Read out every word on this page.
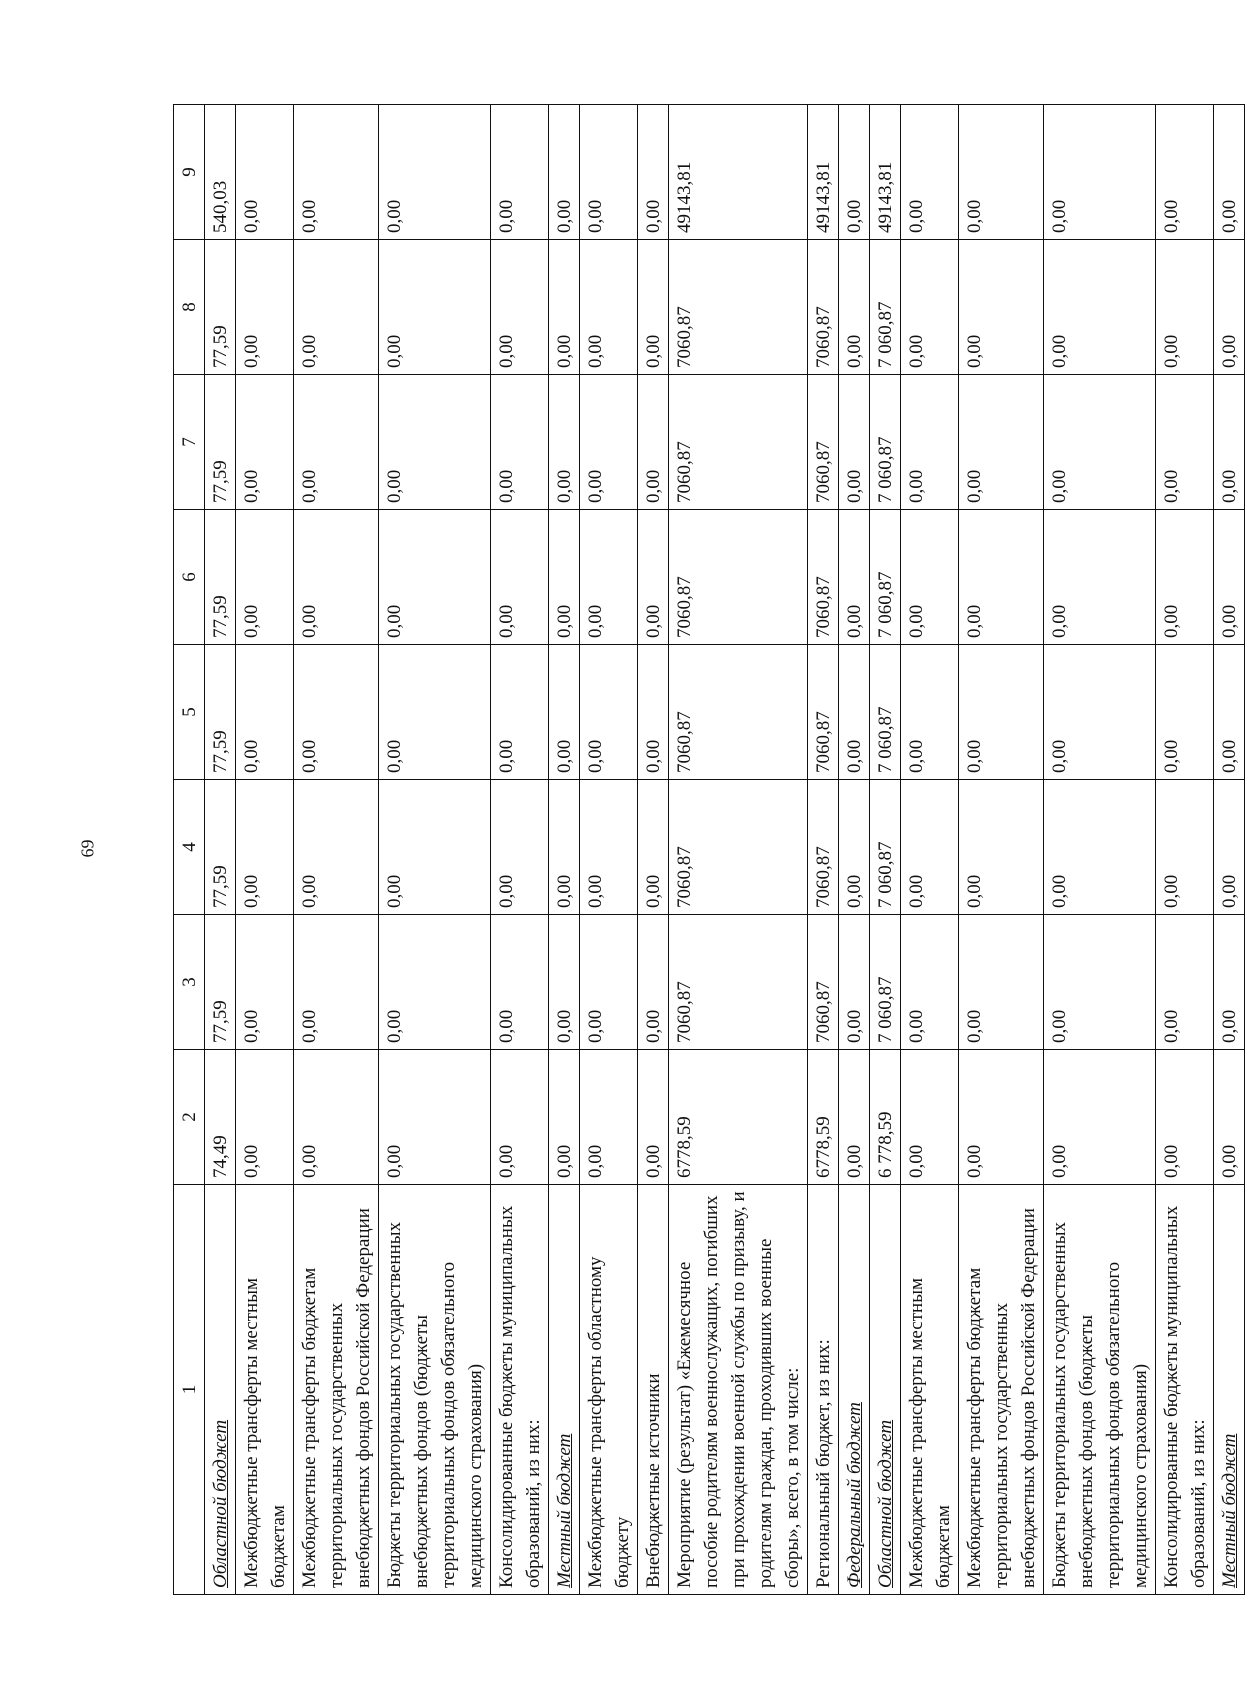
69
1	2	3	4	5	6	7	8	9
Областной бюджет	74,49	77,59	77,59	77,59	77,59	77,59	77,59	540,03
Межбюджетные трансферты местным бюджетам	0,00	0,00	0,00	0,00	0,00	0,00	0,00	0,00
Межбюджетные трансферты бюджетам территориальных государственных внебюджетных фондов Российской Федерации	0,00	0,00	0,00	0,00	0,00	0,00	0,00	0,00
Бюджеты территориальных государственных внебюджетных фондов (бюджеты территориальных фондов обязательного медицинского страхования)	0,00	0,00	0,00	0,00	0,00	0,00	0,00	0,00
Консолидированные бюджеты муниципальных образований, из них:	0,00	0,00	0,00	0,00	0,00	0,00	0,00	0,00
Местный бюджет	0,00	0,00	0,00	0,00	0,00	0,00	0,00	0,00
Межбюджетные трансферты областному бюджету	0,00	0,00	0,00	0,00	0,00	0,00	0,00	0,00
Внебюджетные источники	0,00	0,00	0,00	0,00	0,00	0,00	0,00	0,00
Мероприятие (результат) «Ежемесячное пособие родителям военнослужащих, погибших при прохождении военной службы по призыву, и родителям граждан, проходивших военные сборы», всего, в том числе:	6778,59	7060,87	7060,87	7060,87	7060,87	7060,87	7060,87	49143,81
Региональный бюджет, из них:	6778,59	7060,87	7060,87	7060,87	7060,87	7060,87	7060,87	49143,81
Федеральный бюджет	0,00	0,00	0,00	0,00	0,00	0,00	0,00	0,00
Областной бюджет	6 778,59	7 060,87	7 060,87	7 060,87	7 060,87	7 060,87	7 060,87	49143,81
Межбюджетные трансферты местным бюджетам	0,00	0,00	0,00	0,00	0,00	0,00	0,00	0,00
Межбюджетные трансферты бюджетам территориальных государственных внебюджетных фондов Российской Федерации	0,00	0,00	0,00	0,00	0,00	0,00	0,00	0,00
Бюджеты территориальных государственных внебюджетных фондов (бюджеты территориальных фондов обязательного медицинского страхования)	0,00	0,00	0,00	0,00	0,00	0,00	0,00	0,00
Консолидированные бюджеты муниципальных образований, из них:	0,00	0,00	0,00	0,00	0,00	0,00	0,00	0,00
Местный бюджет	0,00	0,00	0,00	0,00	0,00	0,00	0,00	0,00
